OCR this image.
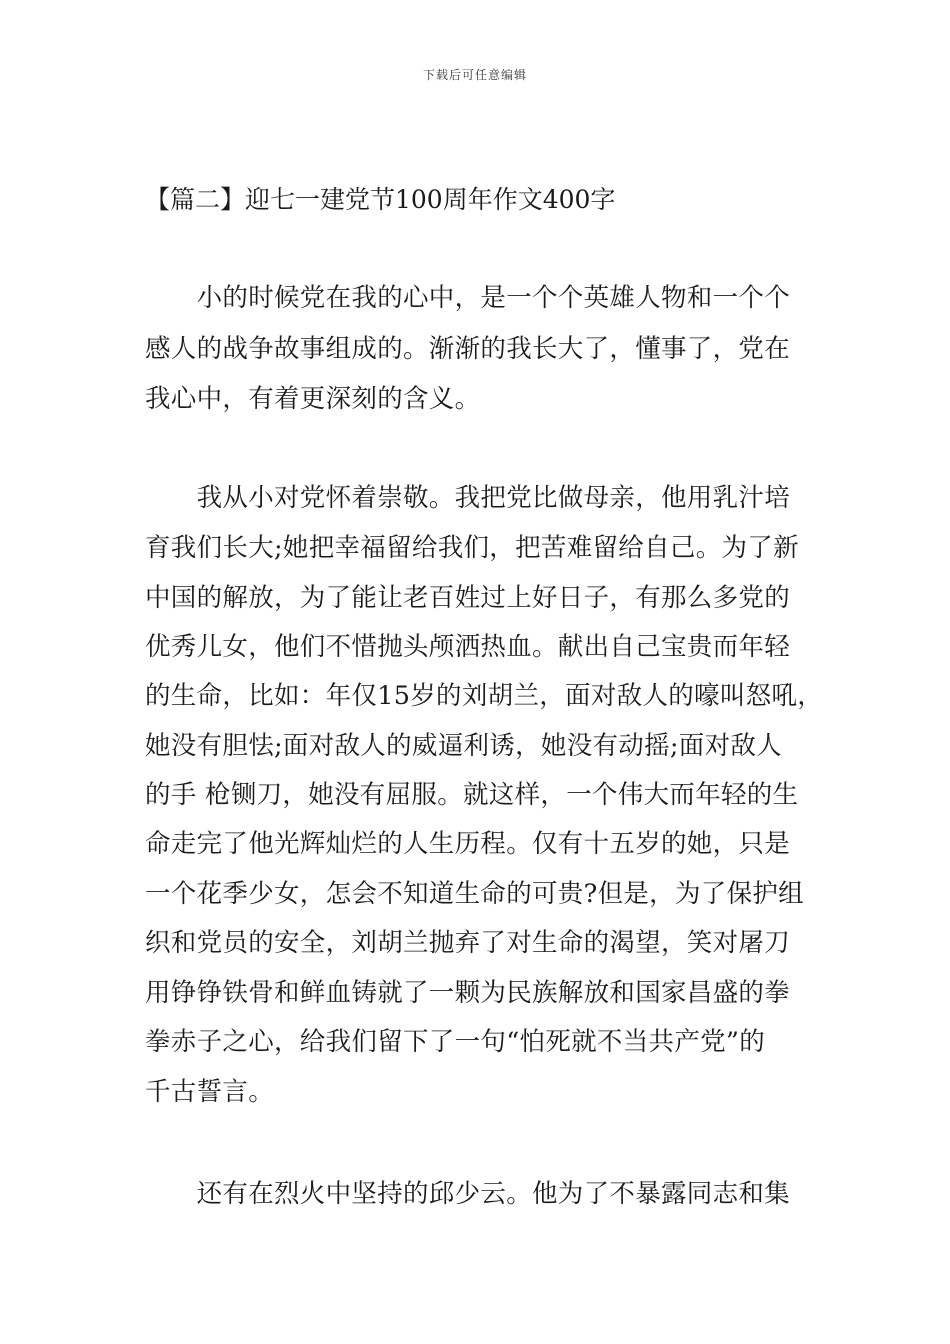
下载后可任意编辑
【篇二】迎七一建党节100周年作文400字
　　小的时候党在我的心中，是一个个英雄人物和一个个
感人的战争故事组成的。渐渐的我长大了，懂事了，党在
我心中，有着更深刻的含义。
　　我从小对党怀着崇敬。我把党比做母亲，他用乳汁培
育我们长大;她把幸福留给我们，把苦难留给自己。为了新
中国的解放，为了能让老百姓过上好日子，有那么多党的
优秀儿女，他们不惜抛头颅洒热血。献出自己宝贵而年轻
的生命，比如：年仅15岁的刘胡兰，面对敌人的嚎叫怒吼，
她没有胆怯;面对敌人的威逼利诱，她没有动摇;面对敌人
的手 枪铡刀，她没有屈服。就这样，一个伟大而年轻的生
命走完了他光辉灿烂的人生历程。仅有十五岁的她，只是
一个花季少女，怎会不知道生命的可贵?但是，为了保护组
织和党员的安全，刘胡兰抛弃了对生命的渴望，笑对屠刀
用铮铮铁骨和鲜血铸就了一颗为民族解放和国家昌盛的拳
拳赤子之心，给我们留下了一句“怕死就不当共产党”的
千古誓言。
　　还有在烈火中坚持的邱少云。他为了不暴露同志和集
